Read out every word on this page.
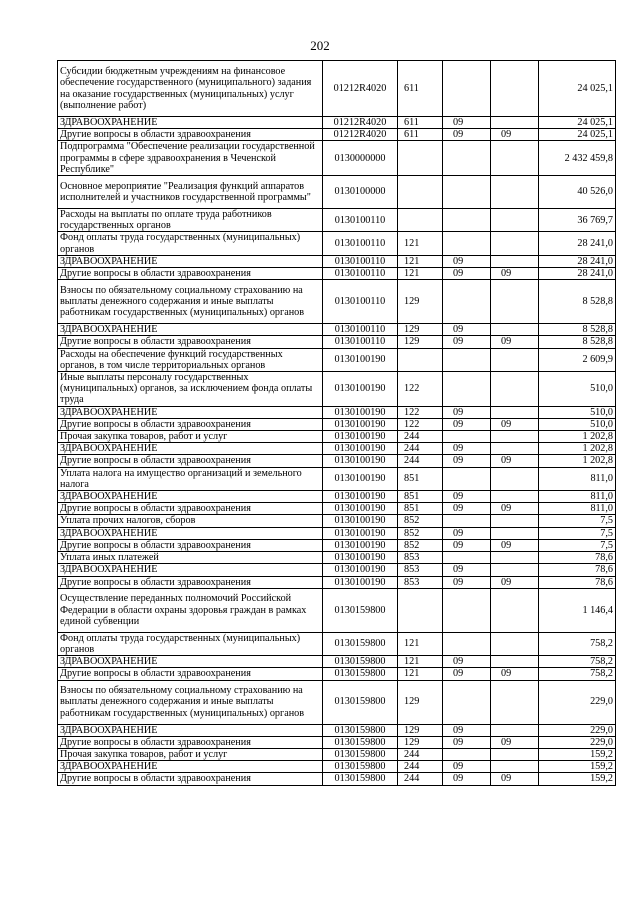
202
Субсидии бюджетным учреждениям на финансовое обеспечение государственного (муниципального) задания на оказание государственных (муниципальных) услуг (выполнение работ)	01212R4020	611			24 025,1
ЗДРАВООХРАНЕНИЕ	01212R4020	611	09		24 025,1
Другие вопросы в области здравоохранения	01212R4020	611	09	09	24 025,1
Подпрограмма "Обеспечение реализации государственной программы в сфере здравоохранения в Чеченской Республике"	0130000000				2 432 459,8
Основное мероприятие "Реализация функций аппаратов исполнителей и участников государственной программы"	0130100000				40 526,0
Расходы на выплаты по оплате труда работников государственных органов	0130100110				36 769,7
Фонд оплаты труда государственных (муниципальных) органов	0130100110	121			28 241,0
ЗДРАВООХРАНЕНИЕ	0130100110	121	09		28 241,0
Другие вопросы в области здравоохранения	0130100110	121	09	09	28 241,0
Взносы по обязательному социальному страхованию на выплаты денежного содержания и иные выплаты работникам государственных (муниципальных) органов	0130100110	129			8 528,8
ЗДРАВООХРАНЕНИЕ	0130100110	129	09		8 528,8
Другие вопросы в области здравоохранения	0130100110	129	09	09	8 528,8
Расходы на обеспечение функций государственных органов, в том числе территориальных органов	0130100190				2 609,9
Иные выплаты персоналу государственных (муниципальных) органов, за исключением фонда оплаты труда	0130100190	122			510,0
ЗДРАВООХРАНЕНИЕ	0130100190	122	09		510,0
Другие вопросы в области здравоохранения	0130100190	122	09	09	510,0
Прочая закупка товаров, работ и услуг	0130100190	244			1 202,8
ЗДРАВООХРАНЕНИЕ	0130100190	244	09		1 202,8
Другие вопросы в области здравоохранения	0130100190	244	09	09	1 202,8
Уплата налога на имущество организаций и земельного налога	0130100190	851			811,0
ЗДРАВООХРАНЕНИЕ	0130100190	851	09		811,0
Другие вопросы в области здравоохранения	0130100190	851	09	09	811,0
Уплата прочих налогов, сборов	0130100190	852			7,5
ЗДРАВООХРАНЕНИЕ	0130100190	852	09		7,5
Другие вопросы в области здравоохранения	0130100190	852	09	09	7,5
Уплата иных платежей	0130100190	853			78,6
ЗДРАВООХРАНЕНИЕ	0130100190	853	09		78,6
Другие вопросы в области здравоохранения	0130100190	853	09	09	78,6
Осуществление переданных полномочий Российской Федерации в области охраны здоровья граждан в рамках единой субвенции	0130159800				1 146,4
Фонд оплаты труда государственных (муниципальных) органов	0130159800	121			758,2
ЗДРАВООХРАНЕНИЕ	0130159800	121	09		758,2
Другие вопросы в области здравоохранения	0130159800	121	09	09	758,2
Взносы по обязательному социальному страхованию на выплаты денежного содержания и иные выплаты работникам государственных (муниципальных) органов	0130159800	129			229,0
ЗДРАВООХРАНЕНИЕ	0130159800	129	09		229,0
Другие вопросы в области здравоохранения	0130159800	129	09	09	229,0
Прочая закупка товаров, работ и услуг	0130159800	244			159,2
ЗДРАВООХРАНЕНИЕ	0130159800	244	09		159,2
Другие вопросы в области здравоохранения	0130159800	244	09	09	159,2
